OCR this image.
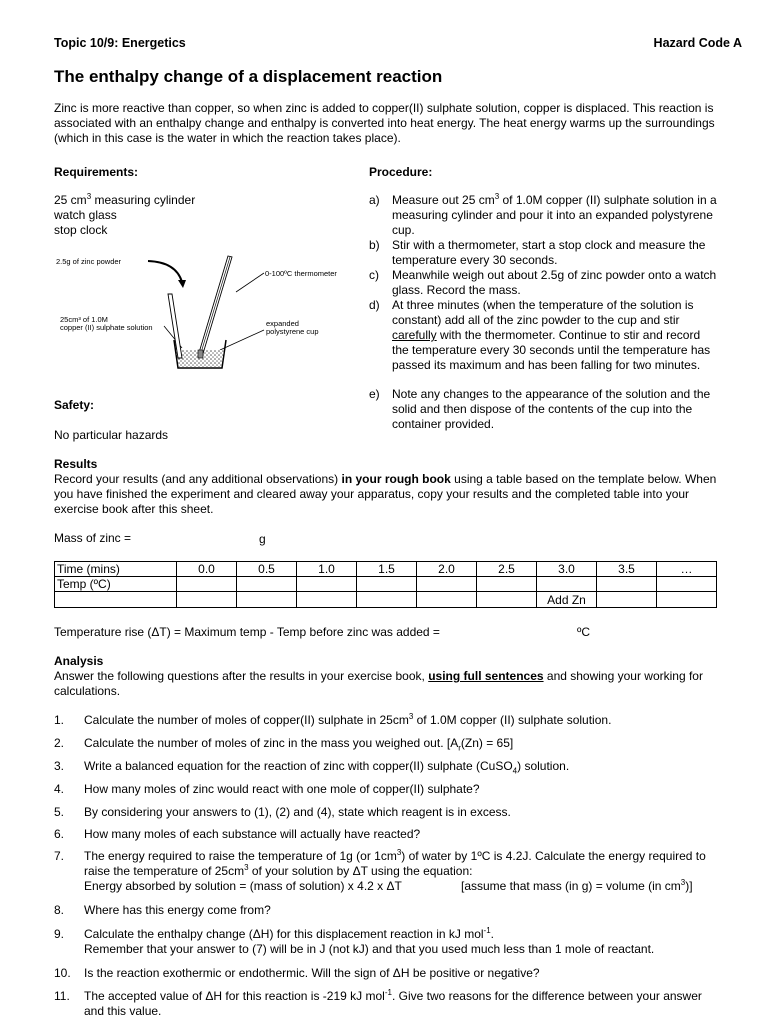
Topic 10/9: Energetics	Hazard Code A
The enthalpy change of a displacement reaction
Zinc is more reactive than copper, so when zinc is added to copper(II) sulphate solution, copper is displaced. This reaction is associated with an enthalpy change and enthalpy is converted into heat energy. The heat energy warms up the surroundings (which in this case is the water in which the reaction takes place).
Requirements:
25 $cm^3$ measuring cylinder
watch glass
stop clock
2.5g of zinc powder
0-100ºC thermometer
25cm³ of 1.0M
copper (II) sulphate solution	expanded
polystyrene cup
Safety:
No particular hazards
Procedure:
a) Measure out 25 $cm^3$ of 1.0M copper (II) sulphate solution in a measuring cylinder and pour it into an expanded polystyrene cup.
b) Stir with a thermometer, start a stop clock and measure the temperature every 30 seconds.
c) Meanwhile weigh out about 2.5g of zinc powder onto a watch glass. Record the mass.
d) At three minutes (when the temperature of the solution is constant) add all of the zinc powder to the cup and stir carefully with the thermometer. Continue to stir and record the temperature every 30 seconds until the temperature has passed its maximum and has been falling for two minutes.
e) Note any changes to the appearance of the solution and the solid and then dispose of the contents of the cup into the container provided.
Results
Record your results (and any additional observations) in your rough book using a table based on the template below. When you have finished the experiment and cleared away your apparatus, copy your results and the completed table into your exercise book after this sheet.
Mass of zinc =	g
Time (mins)	0.0	0.5	1.0	1.5	2.0	2.5	3.0	3.5	…
Temp (ºC)									
							Add Zn		
Temperature rise (ΔT) = Maximum temp - Temp before zinc was added =	ºC
Analysis
Answer the following questions after the results in your exercise book, using full sentences and showing your working for calculations.
1. Calculate the number of moles of copper(II) sulphate in $25cm^3$ of 1.0M copper (II) sulphate solution.
2. Calculate the number of moles of zinc in the mass you weighed out. $[A_r(Zn) = 65]$
3. Write a balanced equation for the reaction of zinc with copper(II) sulphate (CuSO$_4$) solution.
4. How many moles of zinc would react with one mole of copper(II) sulphate?
5. By considering your answers to (1), (2) and (4), state which reagent is in excess.
6. How many moles of each substance will actually have reacted?
7. The energy required to raise the temperature of 1g (or $1cm^3$) of water by 1ºC is 4.2J. Calculate the energy required to raise the temperature of $25cm^3$ of your solution by ΔT using the equation:
Energy absorbed by solution = (mass of solution) x 4.2 x ΔT	[assume that mass (in g) = volume (in $cm^3$)]
8. Where has this energy come from?
9. Calculate the enthalpy change (ΔH) for this displacement reaction in kJ mol$^{-1}$.
Remember that your answer to (7) will be in J (not kJ) and that you used much less than 1 mole of reactant.
10. Is the reaction exothermic or endothermic. Will the sign of ΔH be positive or negative?
11. The accepted value of ΔH for this reaction is -219 kJ mol$^{-1}$. Give two reasons for the difference between your answer and this value.
